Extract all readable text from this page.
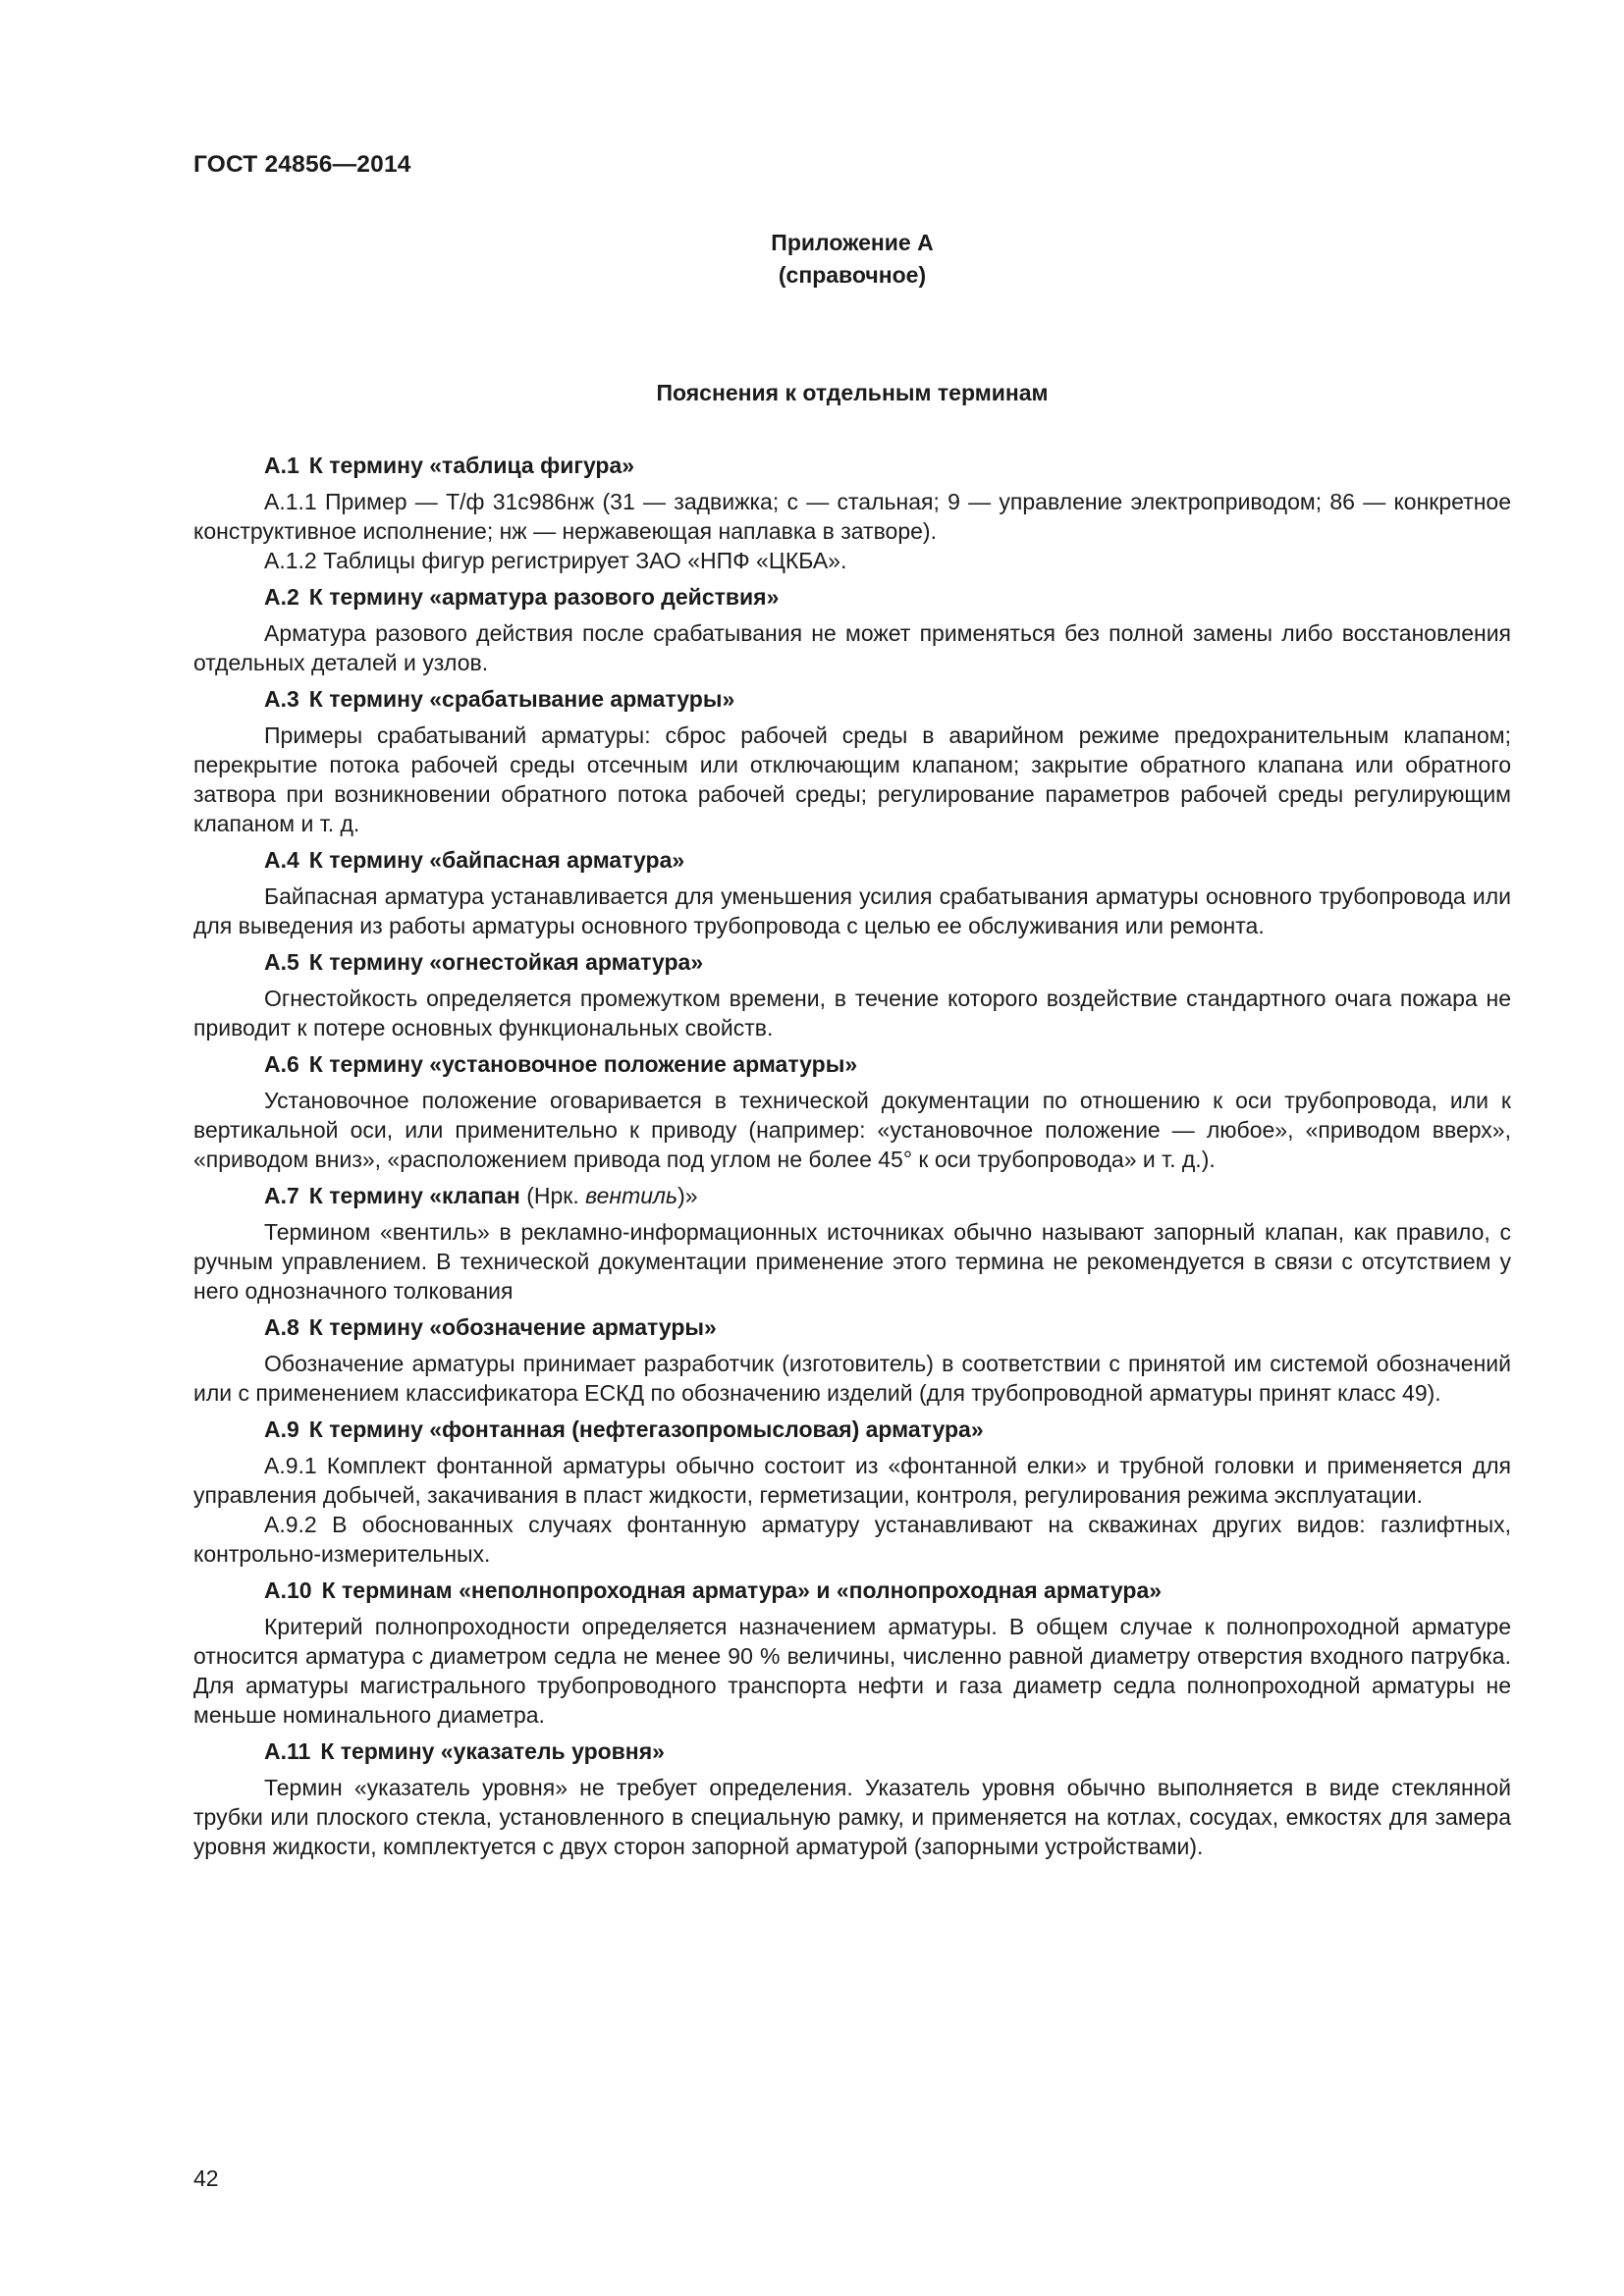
ГОСТ 24856—2014
Приложение А
(справочное)
Пояснения к отдельным терминам

А.1 К термину «таблица фигура»

А.1.1 Пример — Т/ф 31с986нж (31 — задвижка; с — стальная; 9 — управление электроприводом; 86 — конкретное конструктивное исполнение; нж — нержавеющая наплавка в затворе).

А.1.2 Таблицы фигур регистрирует ЗАО «НПФ «ЦКБА».

А.2 К термину «арматура разового действия»

Арматура разового действия после срабатывания не может применяться без полной замены либо восстановления отдельных деталей и узлов.

А.3 К термину «срабатывание арматуры»

Примеры срабатываний арматуры: сброс рабочей среды в аварийном режиме предохранительным клапаном; перекрытие потока рабочей среды отсечным или отключающим клапаном; закрытие обратного клапана или обратного затвора при возникновении обратного потока рабочей среды; регулирование параметров рабочей среды регулирующим клапаном и т. д.

А.4 К термину «байпасная арматура»

Байпасная арматура устанавливается для уменьшения усилия срабатывания арматуры основного трубопровода или для выведения из работы арматуры основного трубопровода с целью ее обслуживания или ремонта.

А.5 К термину «огнестойкая арматура»

Огнестойкость определяется промежутком времени, в течение которого воздействие стандартного очага пожара не приводит к потере основных функциональных свойств.

А.6 К термину «установочное положение арматуры»

Установочное положение оговаривается в технической документации по отношению к оси трубопровода, или к вертикальной оси, или применительно к приводу (например: «установочное положение — любое», «приводом вверх», «приводом вниз», «расположением привода под углом не более 45° к оси трубопровода» и т. д.).

А.7 К термину «клапан (Нрк. вентиль)»

Термином «вентиль» в рекламно-информационных источниках обычно называют запорный клапан, как правило, с ручным управлением. В технической документации применение этого термина не рекомендуется в связи с отсутствием у него однозначного толкования

А.8 К термину «обозначение арматуры»

Обозначение арматуры принимает разработчик (изготовитель) в соответствии с принятой им системой обозначений или с применением классификатора ЕСКД по обозначению изделий (для трубопроводной арматуры принят класс 49).

А.9 К термину «фонтанная (нефтегазопромысловая) арматура»

А.9.1 Комплект фонтанной арматуры обычно состоит из «фонтанной елки» и трубной головки и применяется для управления добычей, закачивания в пласт жидкости, герметизации, контроля, регулирования режима эксплуатации.

А.9.2 В обоснованных случаях фонтанную арматуру устанавливают на скважинах других видов: газлифтных, контрольно-измерительных.

А.10 К терминам «неполнопроходная арматура» и «полнопроходная арматура»

Критерий полнопроходности определяется назначением арматуры. В общем случае к полнопроходной арматуре относится арматура с диаметром седла не менее 90 % величины, численно равной диаметру отверстия входного патрубка. Для арматуры магистрального трубопроводного транспорта нефти и газа диаметр седла полнопроходной арматуры не меньше номинального диаметра.

А.11 К термину «указатель уровня»

Термин «указатель уровня» не требует определения. Указатель уровня обычно выполняется в виде стеклянной трубки или плоского стекла, установленного в специальную рамку, и применяется на котлах, сосудах, емкостях для замера уровня жидкости, комплектуется с двух сторон запорной арматурой (запорными устройствами).

42
